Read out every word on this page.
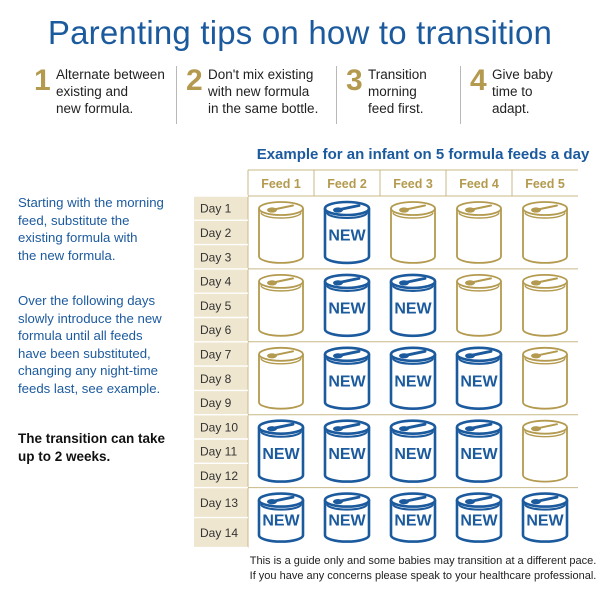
Parenting tips on how to transition
1 Alternate between
existing and
new formula.
2 Don't mix existing
with new formula
in the same bottle.
3 Transition
morning
feed first.
4 Give baby
time to
adapt.
Example for an infant on 5 formula feeds a day
Starting with the morning
feed, substitute the
existing formula with
the new formula.
Over the following days
slowly introduce the new
formula until all feeds
have been substituted,
changing any night-time
feeds last, see example.
The transition can take
up to 2 weeks.
Feed 1 Feed 2 Feed 3 Feed 4 Feed 5
Day 1
Day 2
Day 3
Day 4
Day 5
Day 6
Day 7
Day 8
Day 9
Day 10
Day 11
Day 12
Day 13
Day 14
NEW
NEW NEW
NEW NEW NEW
NEW NEW NEW NEW
NEW NEW NEW NEW NEW
This is a guide only and some babies may transition at a different pace.
If you have any concerns please speak to your healthcare professional.
